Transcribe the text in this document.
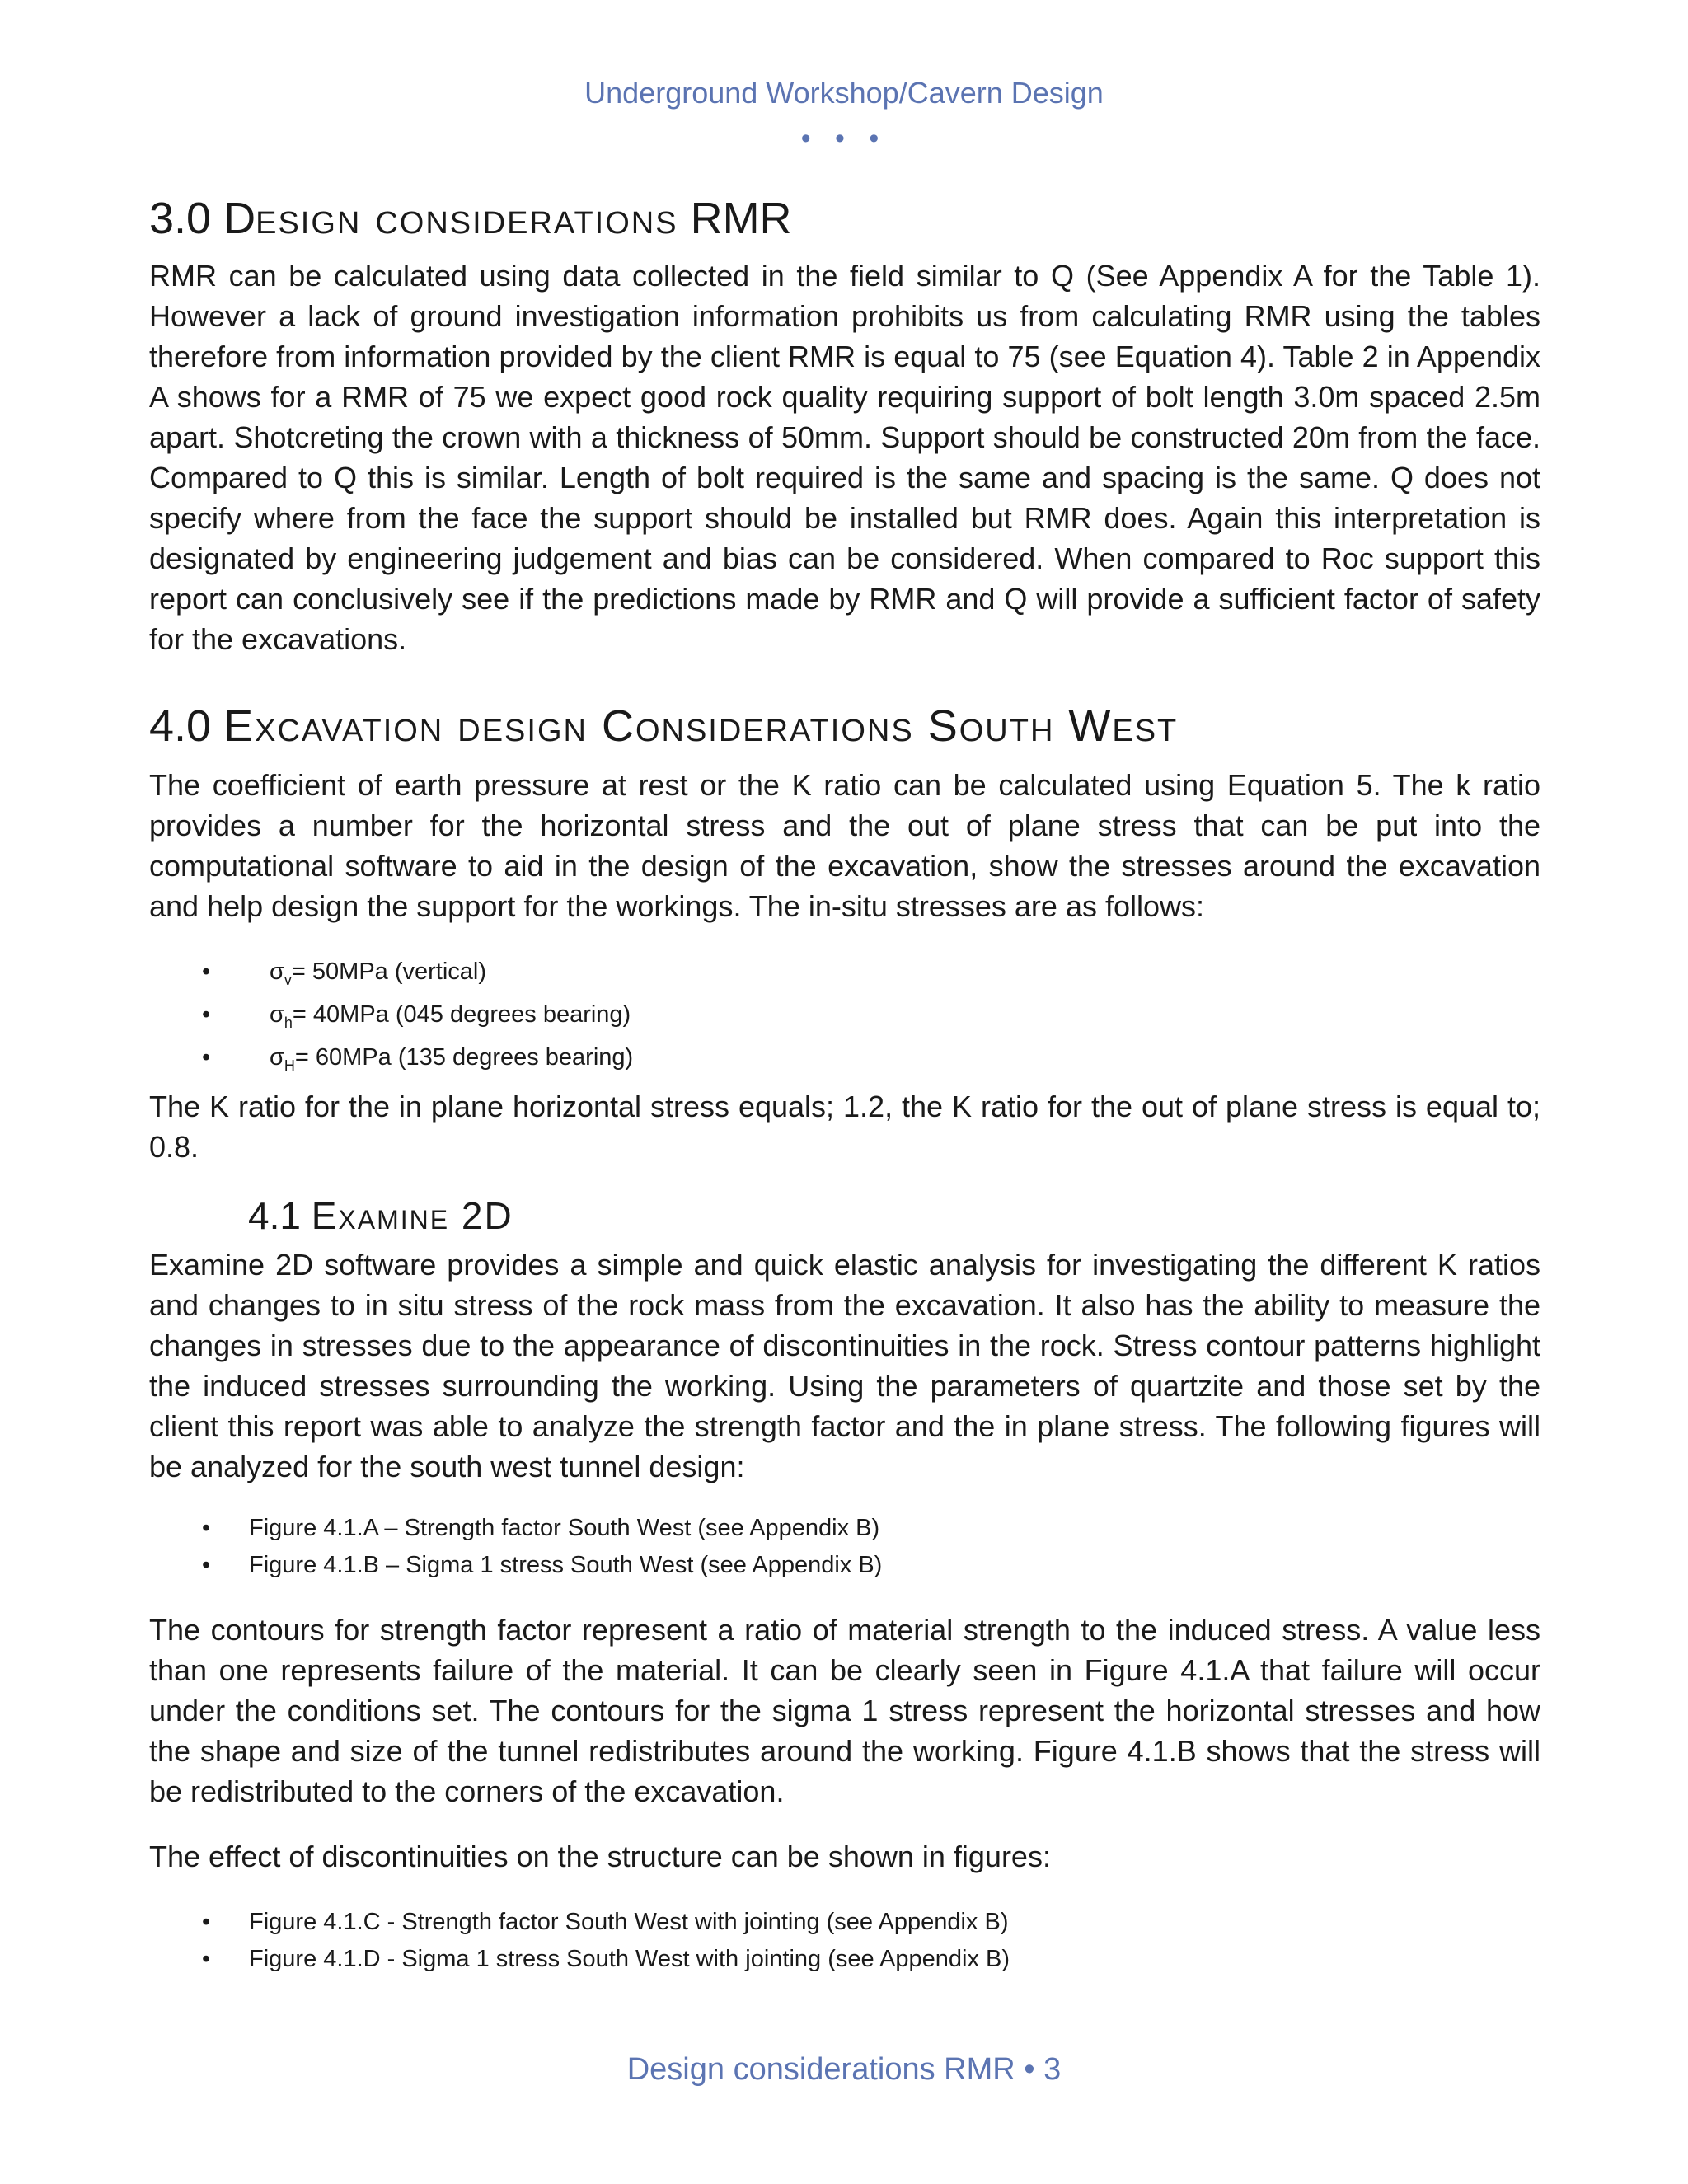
Underground Workshop/Cavern Design
• • •
3.0 Design considerations RMR

RMR can be calculated using data collected in the field similar to Q (See Appendix A for the Table 1). However a lack of ground investigation information prohibits us from calculating RMR using the tables therefore from information provided by the client RMR is equal to 75 (see Equation 4). Table 2 in Appendix A shows for a RMR of 75 we expect good rock quality requiring support of bolt length 3.0m spaced 2.5m apart. Shotcreting the crown with a thickness of 50mm. Support should be constructed 20m from the face. Compared to Q this is similar. Length of bolt required is the same and spacing is the same. Q does not specify where from the face the support should be installed but RMR does. Again this interpretation is designated by engineering judgement and bias can be considered. When compared to Roc support this report can conclusively see if the predictions made by RMR and Q will provide a sufficient factor of safety for the excavations.

4.0 Excavation design Considerations South West

The coefficient of earth pressure at rest or the K ratio can be calculated using Equation 5. The k ratio provides a number for the horizontal stress and the out of plane stress that can be put into the computational software to aid in the design of the excavation, show the stresses around the excavation and help design the support for the workings. The in-situ stresses are as follows:

• $\sigma_v= 50MPa$ (vertical)
• $\sigma_h= 40MPa$ (045 degrees bearing)
• $\sigma_H= 60MPa$ (135 degrees bearing)

The K ratio for the in plane horizontal stress equals; 1.2, the K ratio for the out of plane stress is equal to; 0.8.

4.1 Examine 2D

Examine 2D software provides a simple and quick elastic analysis for investigating the different K ratios and changes to in situ stress of the rock mass from the excavation. It also has the ability to measure the changes in stresses due to the appearance of discontinuities in the rock. Stress contour patterns highlight the induced stresses surrounding the working. Using the parameters of quartzite and those set by the client this report was able to analyze the strength factor and the in plane stress. The following figures will be analyzed for the south west tunnel design:

• Figure 4.1.A – Strength factor South West (see Appendix B)
• Figure 4.1.B – Sigma 1 stress South West (see Appendix B)

The contours for strength factor represent a ratio of material strength to the induced stress. A value less than one represents failure of the material. It can be clearly seen in Figure 4.1.A that failure will occur under the conditions set. The contours for the sigma 1 stress represent the horizontal stresses and how the shape and size of the tunnel redistributes around the working. Figure 4.1.B shows that the stress will be redistributed to the corners of the excavation.

The effect of discontinuities on the structure can be shown in figures:

• Figure 4.1.C - Strength factor South West with jointing (see Appendix B)
• Figure 4.1.D - Sigma 1 stress South West with jointing (see Appendix B)
Design considerations RMR • 3
